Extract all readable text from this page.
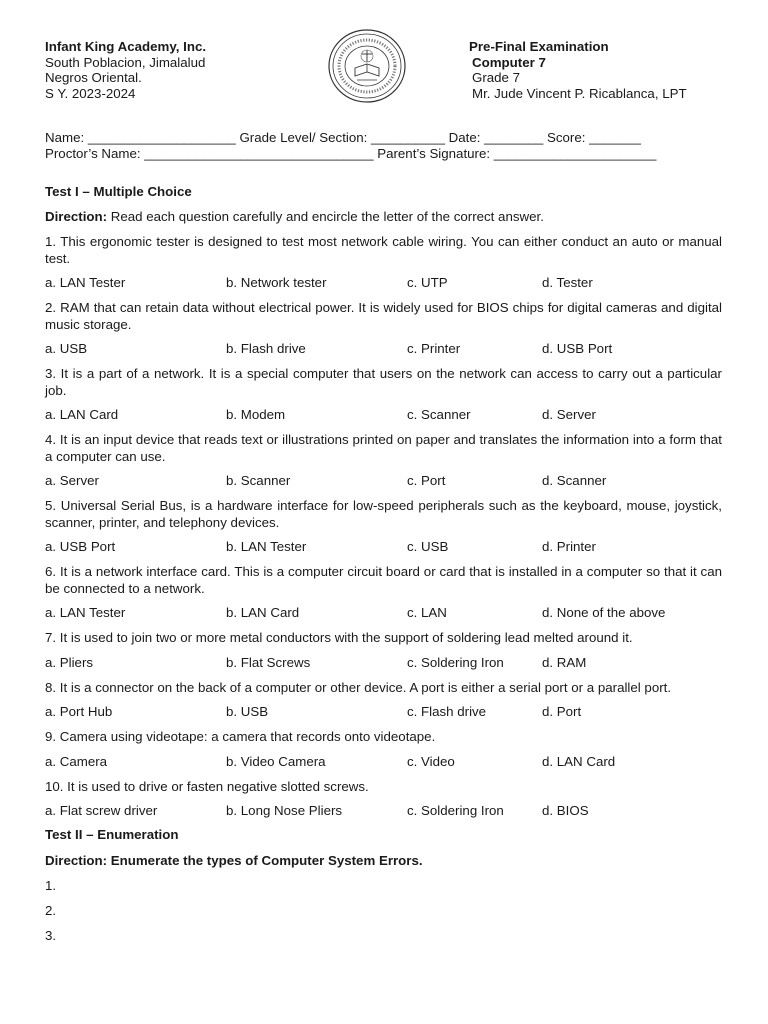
Infant King Academy, Inc.
South Poblacion, Jimalalud
Negros Oriental.
S Y. 2023-2024
Pre-Final Examination
Computer 7
Grade 7
Mr. Jude Vincent P. Ricablanca, LPT
Name: ____________________ Grade Level/ Section: __________ Date: ________ Score: _______
Proctor’s Name: _______________________________ Parent’s Signature: ______________________
Test I – Multiple Choice
Direction: Read each question carefully and encircle the letter of the correct answer.
1. This ergonomic tester is designed to test most network cable wiring. You can either conduct an auto or manual test.
a. LAN Tester	b. Network tester	c. UTP	d. Tester
2. RAM that can retain data without electrical power. It is widely used for BIOS chips for digital cameras and digital music storage.
a. USB	b. Flash drive	c. Printer	d. USB Port
3. It is a part of a network. It is a special computer that users on the network can access to carry out a particular job.
a. LAN Card	b. Modem	c. Scanner	d. Server
4. It is an input device that reads text or illustrations printed on paper and translates the information into a form that a computer can use.
a. Server	b. Scanner	c. Port	d. Scanner
5. Universal Serial Bus, is a hardware interface for low-speed peripherals such as the keyboard, mouse, joystick, scanner, printer, and telephony devices.
a. USB Port	b. LAN Tester	c. USB	d. Printer
6. It is a network interface card. This is a computer circuit board or card that is installed in a computer so that it can be connected to a network.
a. LAN Tester	b. LAN Card	c. LAN	d. None of the above
7. It is used to join two or more metal conductors with the support of soldering lead melted around it.
a. Pliers	b. Flat Screws	c. Soldering Iron	d. RAM
8. It is a connector on the back of a computer or other device. A port is either a serial port or a parallel port.
a. Port Hub	b. USB	c. Flash drive	d. Port
9. Camera using videotape: a camera that records onto videotape.
a. Camera	b. Video Camera	c. Video	d. LAN Card
10. It is used to drive or fasten negative slotted screws.
a. Flat screw driver	b. Long Nose Pliers	c. Soldering Iron	d. BIOS
Test II – Enumeration
Direction: Enumerate the types of Computer System Errors.
1.
2.
3.
